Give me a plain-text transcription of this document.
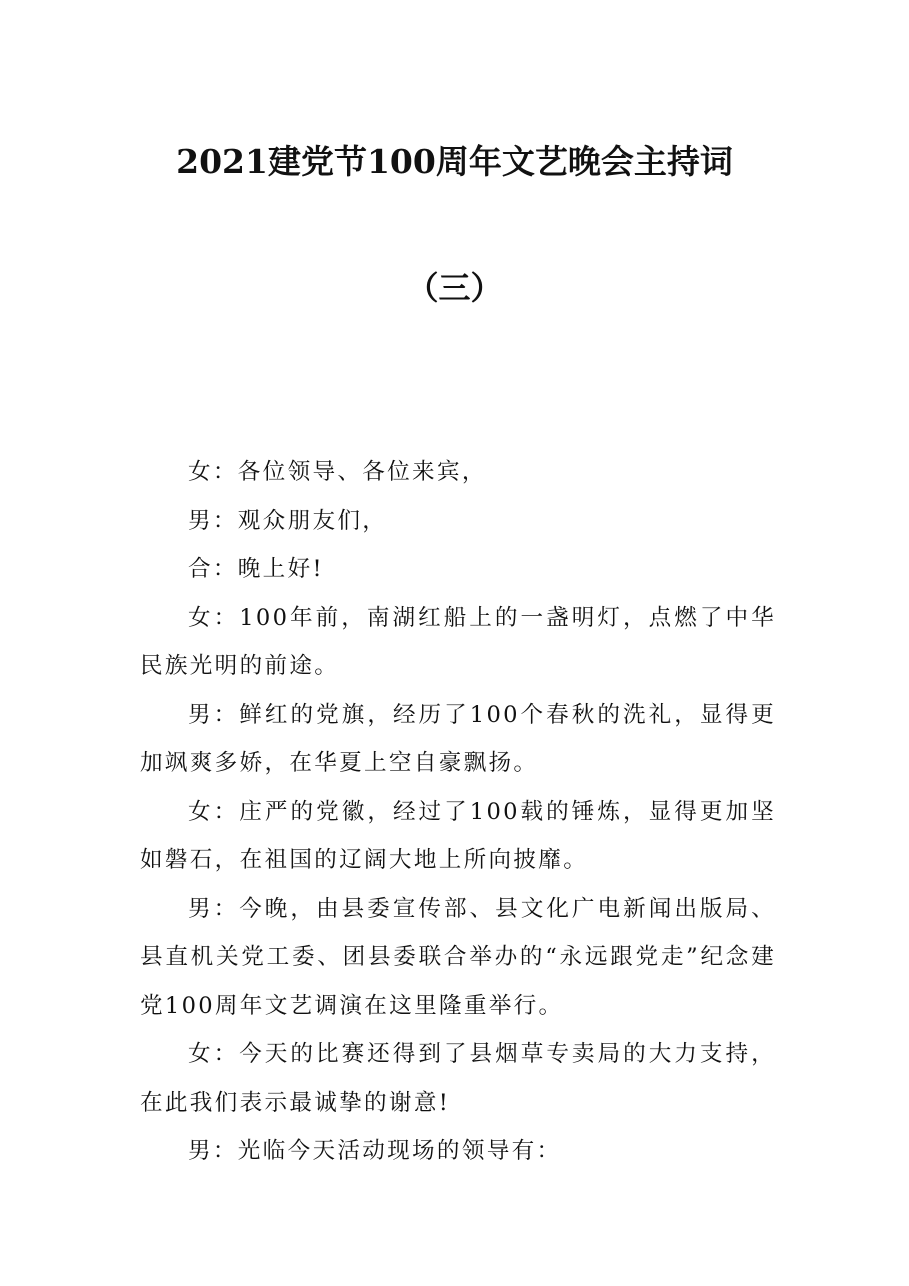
2021建党节100周年文艺晚会主持词
（三）

女：各位领导、各位来宾，

男：观众朋友们，

合：晚上好!

女：100年前，南湖红船上的一盏明灯，点燃了中华民族光明的前途。

男：鲜红的党旗，经历了100个春秋的洗礼，显得更加飒爽多娇，在华夏上空自豪飘扬。

女：庄严的党徽，经过了100载的锤炼，显得更加坚如磐石，在祖国的辽阔大地上所向披靡。

男：今晚，由县委宣传部、县文化广电新闻出版局、县直机关党工委、团县委联合举办的“永远跟党走”纪念建党100周年文艺调演在这里隆重举行。

女：今天的比赛还得到了县烟草专卖局的大力支持，在此我们表示最诚挚的谢意!

男：光临今天活动现场的领导有：
